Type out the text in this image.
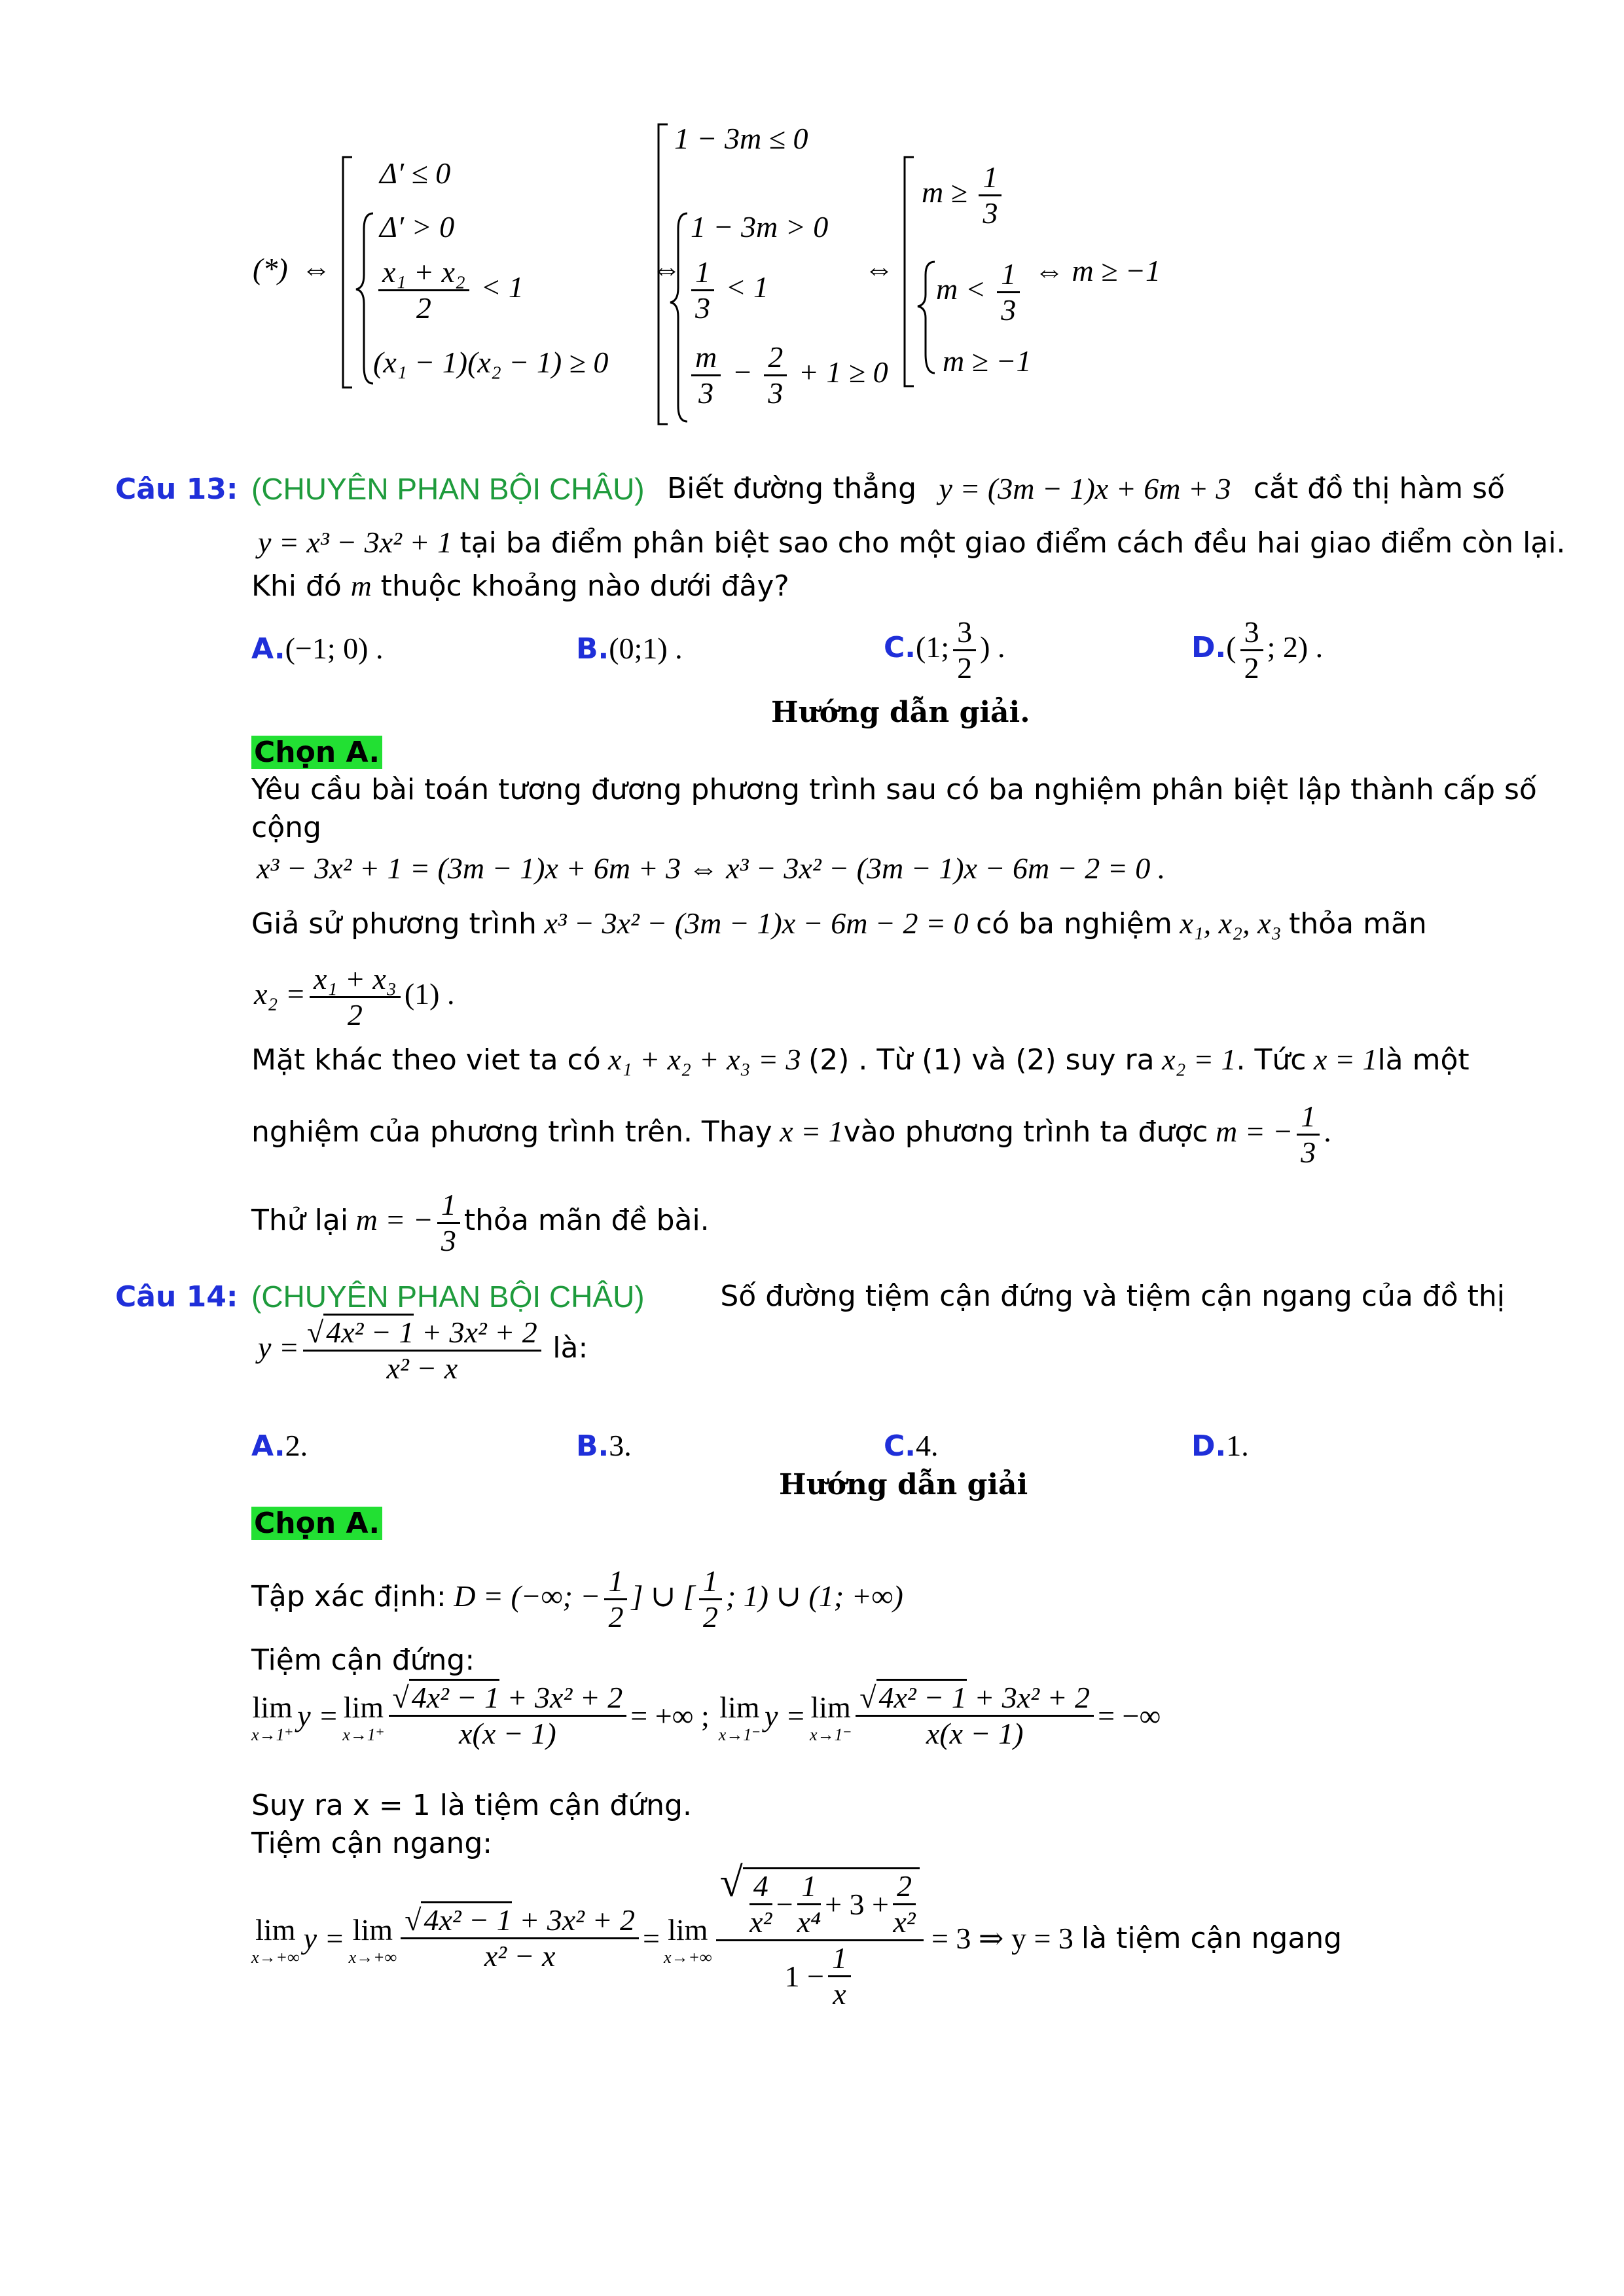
(*) ⇔
Δ′ ≤ 0
Δ′ > 0
$\frac{\text{x₁ + x₂}}{2} < 1$
(x₁ − 1)(x₂ − 1) ≥ 0
⇔
1 − 3m ≤ 0
1 − 3m > 0
$\frac{1}{3} < 1$
$\frac{m}{3} - \frac{2}{3} + 1 \ge 0$
⇔
$m \ge \frac{1}{3}$
$m < \frac{1}{3}$
m ≥ −1
⇔ m ≥ −1
Câu 13: (CHUYÊN PHAN BỘI CHÂU) Biết đường thẳng y = (3m − 1)x + 6m + 3 cắt đồ thị hàm số
y = x³ − 3x² + 1 tại ba điểm phân biệt sao cho một giao điểm cách đều hai giao điểm còn lại.
Khi đó m thuộc khoảng nào dưới đây?
A.(−1; 0) .	B.(0;1) .	C.(1; $\frac{3}{2}$ ) .	$D.( \frac{3}{2}$ ; 2) .
Hướng dẫn giải.
Chọn A.
Yêu cầu bài toán tương đương phương trình sau có ba nghiệm phân biệt lập thành cấp số
cộng
x³ − 3x² + 1 = (3m − 1)x + 6m + 3 ⇔ x³ − 3x² − (3m − 1)x − 6m − 2 = 0 .
Giả sử phương trình x³ − 3x² − (3m − 1)x − 6m − 2 = 0 có ba nghiệm x₁, x₂, x₃ thỏa mãn
$x_2 = \frac{\text{x₁ + x₃}}{2} (1)$ .
Mặt khác theo viet ta có x₁ + x₂ + x₃ = 3 (2) . Từ (1) và (2) suy ra x₂ = 1. Tức x = 1là một
nghiệm của phương trình trên. Thay x = 1vào phương trình ta được m = − $\frac{1}{3}$ .
Thử lại m = − $\frac{1}{3}$ thỏa mãn đề bài.
Câu 14: (CHUYÊN PHAN BỘI CHÂU)	Số đường tiệm cận đứng và tiệm cận ngang của đồ thị
$y = \frac{\text{√4x² − 1 + 3x² + 2}}{\text{x² − x}}$ là:
A.2.	B.3.	C.4.	D.1.
Hướng dẫn giải
Chọn A.
Tập xác định: D = (−∞; − $\frac{1}{2}$ ] ∪ [ $\frac{1}{2}$ ; 1) ∪ (1; +∞)
Tiệm cận đứng:
lim
x→1⁺
y = lim
$x\to 1^+ \frac{\text{√4x² − 1 + 3x² + 2}}{x(x - 1)}$ = +∞ ; lim
x→1⁻
y = lim
$x\to 1^- \frac{\text{√4x² − 1 + 3x² + 2}}{x(x - 1)}$ = −∞
Suy ra x = 1 là tiệm cận đứng.
Tiệm cận ngang:
lim
x→+∞
y = lim
$x\to+\infty \frac{\text{√4x² − 1 + 3x² + 2}}{\text{x² − x}} = \lim$
x→+∞
√ $\frac{4}{\text{x²}} - \frac{1}{\text{x⁴}} + 3 + \frac{2}{\text{x²}}$
$1 - \frac{1}{x}$
= 3 ⇒ y = 3 là tiệm cận ngang
